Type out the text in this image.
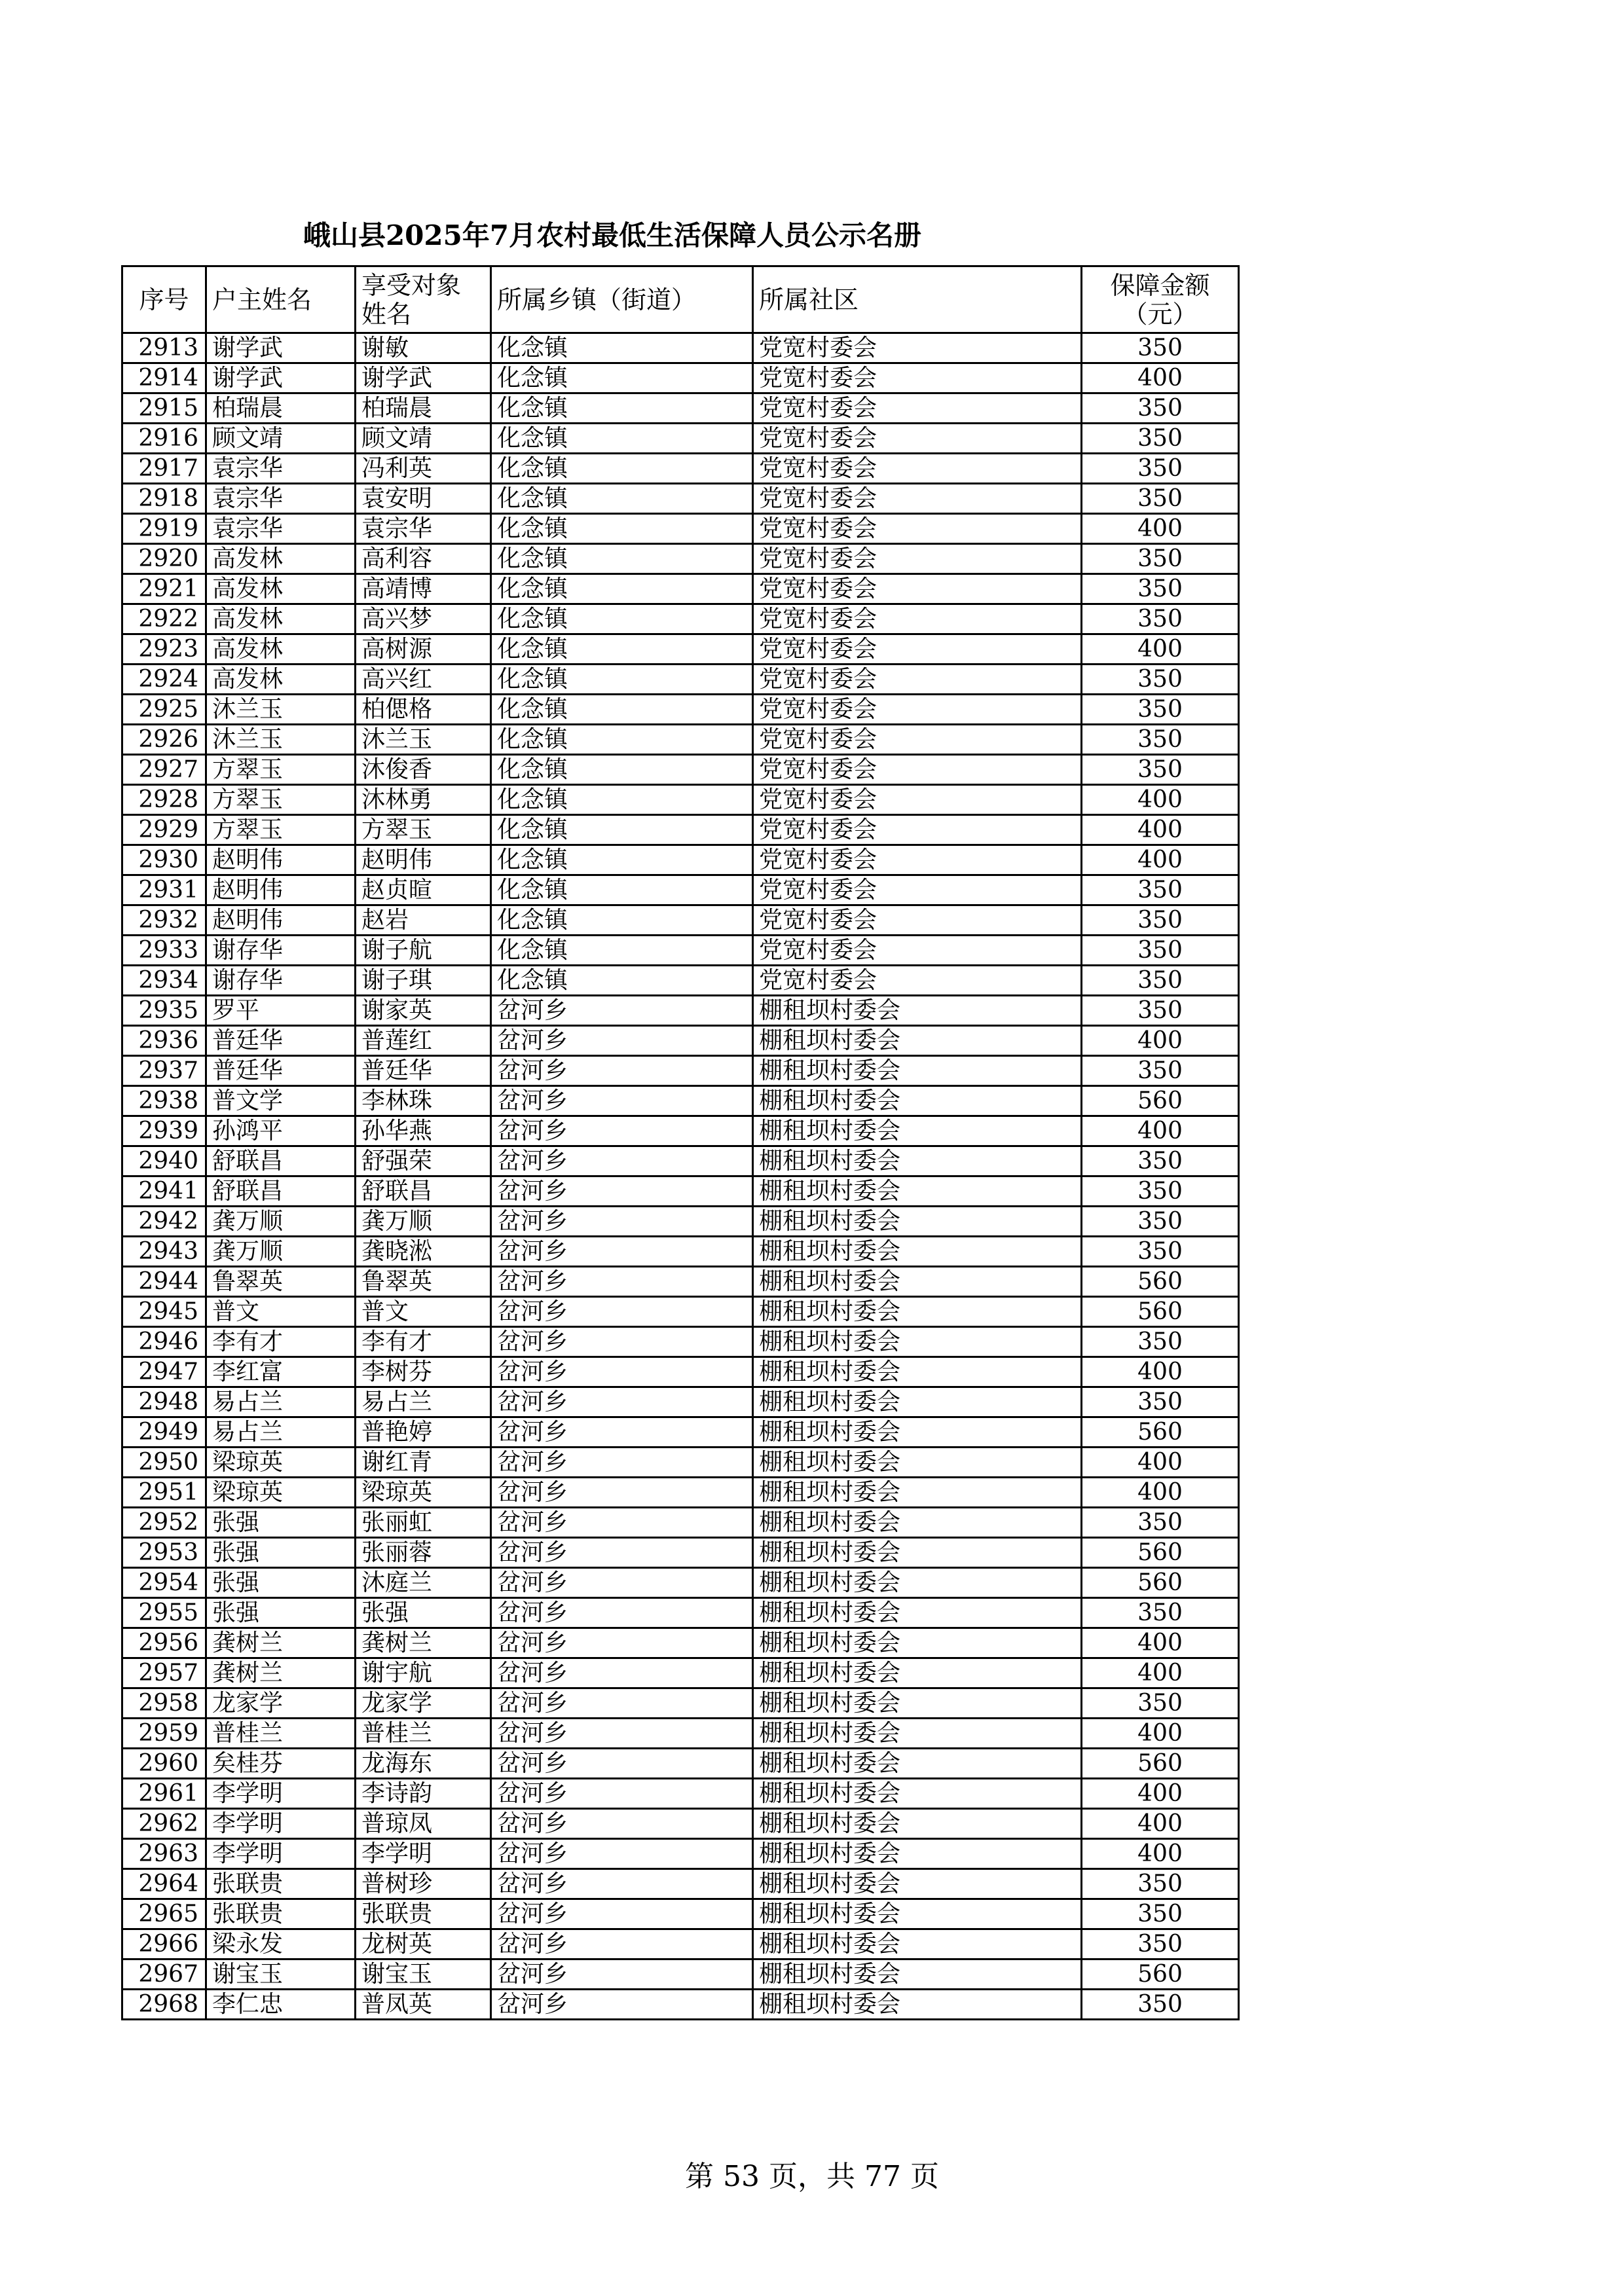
峨山县2025年7月农村最低生活保障人员公示名册
序号	户主姓名	享受对象姓名	所属乡镇（街道）	所属社区	保障金额（元）
2913	谢学武	谢敏	化念镇	党宽村委会	350
2914	谢学武	谢学武	化念镇	党宽村委会	400
2915	柏瑞晨	柏瑞晨	化念镇	党宽村委会	350
2916	顾文靖	顾文靖	化念镇	党宽村委会	350
2917	袁宗华	冯利英	化念镇	党宽村委会	350
2918	袁宗华	袁安明	化念镇	党宽村委会	350
2919	袁宗华	袁宗华	化念镇	党宽村委会	400
2920	高发林	高利容	化念镇	党宽村委会	350
2921	高发林	高靖博	化念镇	党宽村委会	350
2922	高发林	高兴梦	化念镇	党宽村委会	350
2923	高发林	高树源	化念镇	党宽村委会	400
2924	高发林	高兴红	化念镇	党宽村委会	350
2925	沐兰玉	柏偲格	化念镇	党宽村委会	350
2926	沐兰玉	沐兰玉	化念镇	党宽村委会	350
2927	方翠玉	沐俊香	化念镇	党宽村委会	350
2928	方翠玉	沐林勇	化念镇	党宽村委会	400
2929	方翠玉	方翠玉	化念镇	党宽村委会	400
2930	赵明伟	赵明伟	化念镇	党宽村委会	400
2931	赵明伟	赵贞暄	化念镇	党宽村委会	350
2932	赵明伟	赵岩	化念镇	党宽村委会	350
2933	谢存华	谢子航	化念镇	党宽村委会	350
2934	谢存华	谢子琪	化念镇	党宽村委会	350
2935	罗平	谢家英	岔河乡	棚租坝村委会	350
2936	普廷华	普莲红	岔河乡	棚租坝村委会	400
2937	普廷华	普廷华	岔河乡	棚租坝村委会	350
2938	普文学	李林珠	岔河乡	棚租坝村委会	560
2939	孙鸿平	孙华燕	岔河乡	棚租坝村委会	400
2940	舒联昌	舒强荣	岔河乡	棚租坝村委会	350
2941	舒联昌	舒联昌	岔河乡	棚租坝村委会	350
2942	龚万顺	龚万顺	岔河乡	棚租坝村委会	350
2943	龚万顺	龚晓淞	岔河乡	棚租坝村委会	350
2944	鲁翠英	鲁翠英	岔河乡	棚租坝村委会	560
2945	普文	普文	岔河乡	棚租坝村委会	560
2946	李有才	李有才	岔河乡	棚租坝村委会	350
2947	李红富	李树芬	岔河乡	棚租坝村委会	400
2948	易占兰	易占兰	岔河乡	棚租坝村委会	350
2949	易占兰	普艳婷	岔河乡	棚租坝村委会	560
2950	梁琼英	谢红青	岔河乡	棚租坝村委会	400
2951	梁琼英	梁琼英	岔河乡	棚租坝村委会	400
2952	张强	张丽虹	岔河乡	棚租坝村委会	350
2953	张强	张丽蓉	岔河乡	棚租坝村委会	560
2954	张强	沐庭兰	岔河乡	棚租坝村委会	560
2955	张强	张强	岔河乡	棚租坝村委会	350
2956	龚树兰	龚树兰	岔河乡	棚租坝村委会	400
2957	龚树兰	谢宇航	岔河乡	棚租坝村委会	400
2958	龙家学	龙家学	岔河乡	棚租坝村委会	350
2959	普桂兰	普桂兰	岔河乡	棚租坝村委会	400
2960	矣桂芬	龙海东	岔河乡	棚租坝村委会	560
2961	李学明	李诗韵	岔河乡	棚租坝村委会	400
2962	李学明	普琼凤	岔河乡	棚租坝村委会	400
2963	李学明	李学明	岔河乡	棚租坝村委会	400
2964	张联贵	普树珍	岔河乡	棚租坝村委会	350
2965	张联贵	张联贵	岔河乡	棚租坝村委会	350
2966	梁永发	龙树英	岔河乡	棚租坝村委会	350
2967	谢宝玉	谢宝玉	岔河乡	棚租坝村委会	560
2968	李仁忠	普凤英	岔河乡	棚租坝村委会	350
第 53 页，共 77 页
